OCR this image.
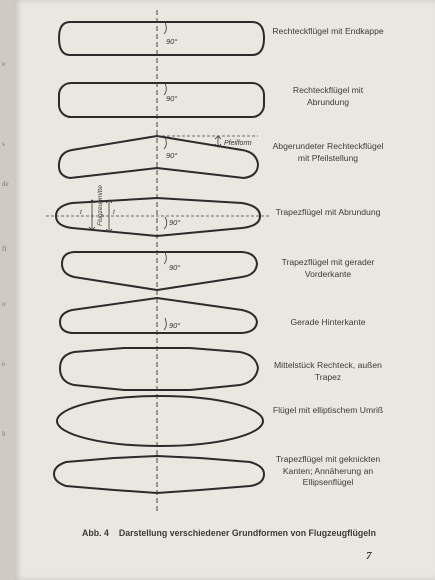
e
s
de
fl
o
e
h
90°
90°
90°
90°
90°
90°
Pfeilform
Flugzeugmitte
t	t
Rechteckflügel mit Endkappe
Rechteckflügel mit Abrundung
Abgerundeter Rechteckflügel mit Pfeilstellung
Trapezflügel mit Abrundung
Trapezflügel mit gerader Vorderkante
Gerade Hinterkante
Mittelstück Rechteck, außen Trapez
Flügel mit elliptischem Umriß
Trapezflügel mit geknickten Kanten; Annäherung an Ellipsenflügel
Abb. 4 Darstellung verschiedener Grundformen von Flugzeugflügeln
7
